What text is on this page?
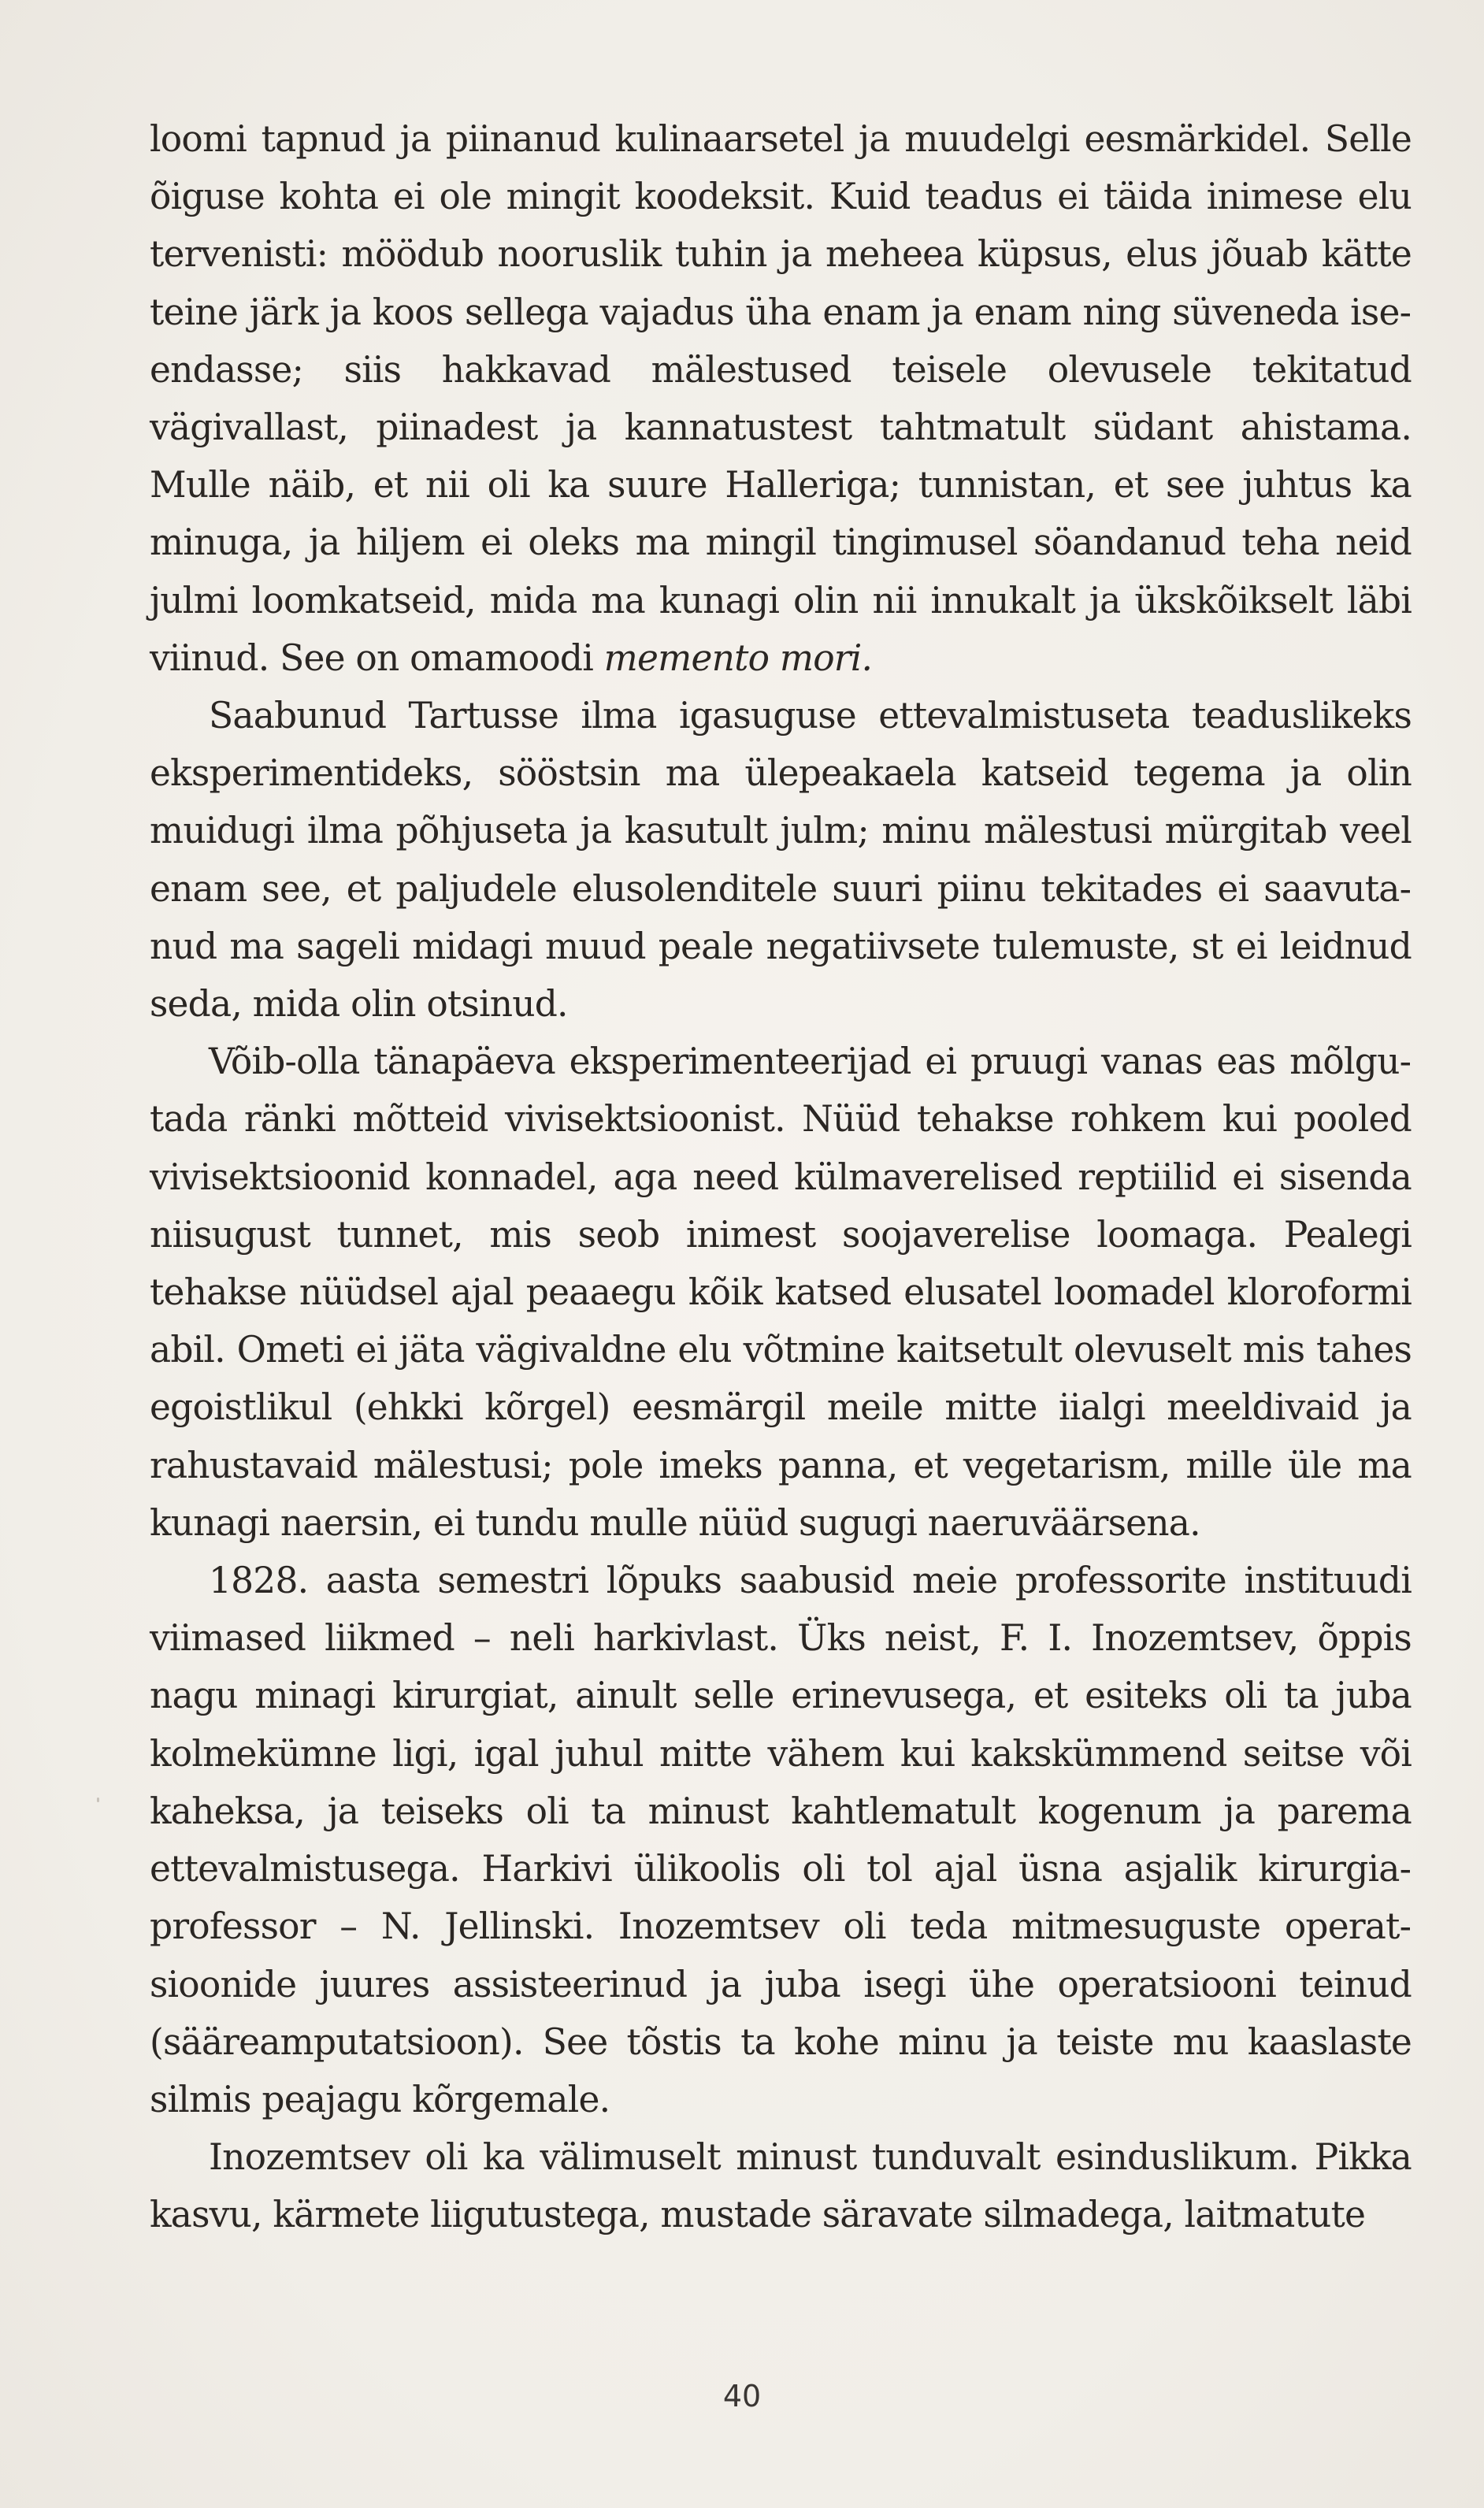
loomi tapnud ja piinanud kulinaarsetel ja muudelgi eesmärkidel. Selle õiguse kohta ei ole mingit koodeksit. Kuid teadus ei täida inimese elu tervenisti: möödub nooruslik tuhin ja meheea küpsus, elus jõuab kätte teine järk ja koos sellega vajadus üha enam ja enam ning süveneda iseendasse; siis hakkavad mälestused teisele olevusele tekitatud vägivallast, piinadest ja kannatustest tahtmatult südant ahistama. Mulle näib, et nii oli ka suure Halleriga; tunnistan, et see juhtus ka minuga, ja hiljem ei oleks ma mingil tingimusel söandanud teha neid julmi loomkatseid, mida ma kunagi olin nii innukalt ja ükskõikselt läbi viinud. See on omamoodi memento mori.

Saabunud Tartusse ilma igasuguse ettevalmistuseta teaduslikeks eksperimentideks, sööstsin ma ülepeakaela katseid tegema ja olin muidugi ilma põhjuseta ja kasutult julm; minu mälestusi mürgitab veel enam see, et paljudele elusolenditele suuri piinu tekitades ei saavutanud ma sageli midagi muud peale negatiivsete tulemuste, st ei leidnud seda, mida olin otsinud.

Võib-olla tänapäeva eksperimenteerijad ei pruugi vanas eas mõlgutada ränki mõtteid vivisektsioonist. Nüüd tehakse rohkem kui pooled vivisektsioonid konnadel, aga need külmaverelised reptiilid ei sisenda niisugust tunnet, mis seob inimest soojaverelise loomaga. Pealegi tehakse nüüdsel ajal peaaegu kõik katsed elusatel loomadel kloroformi abil. Ometi ei jäta vägivaldne elu võtmine kaitsetult olevuselt mis tahes egoistlikul (ehkki kõrgel) eesmärgil meile mitte iialgi meeldivaid ja rahustavaid mälestusi; pole imeks panna, et vegetarism, mille üle ma kunagi naersin, ei tundu mulle nüüd sugugi naeruväärsena.

1828. aasta semestri lõpuks saabusid meie professorite instituudi viimased liikmed – neli harkivlast. Üks neist, F. I. Inozemtsev, õppis nagu minagi kirurgiat, ainult selle erinevusega, et esiteks oli ta juba kolmekümne ligi, igal juhul mitte vähem kui kakskümmend seitse või kaheksa, ja teiseks oli ta minust kahtlematult kogenum ja parema ettevalmistusega. Harkivi ülikoolis oli tol ajal üsna asjalik kirurgiaprofessor – N. Jellinski. Inozemtsev oli teda mitmesuguste operatsioonide juures assisteerinud ja juba isegi ühe operatsiooni teinud (sääreamputatsioon). See tõstis ta kohe minu ja teiste mu kaaslaste silmis peajagu kõrgemale.

Inozemtsev oli ka välimuselt minust tunduvalt esinduslikum. Pikka kasvu, kärmete liigutustega, mustade säravate silmadega, laitmatute

40
